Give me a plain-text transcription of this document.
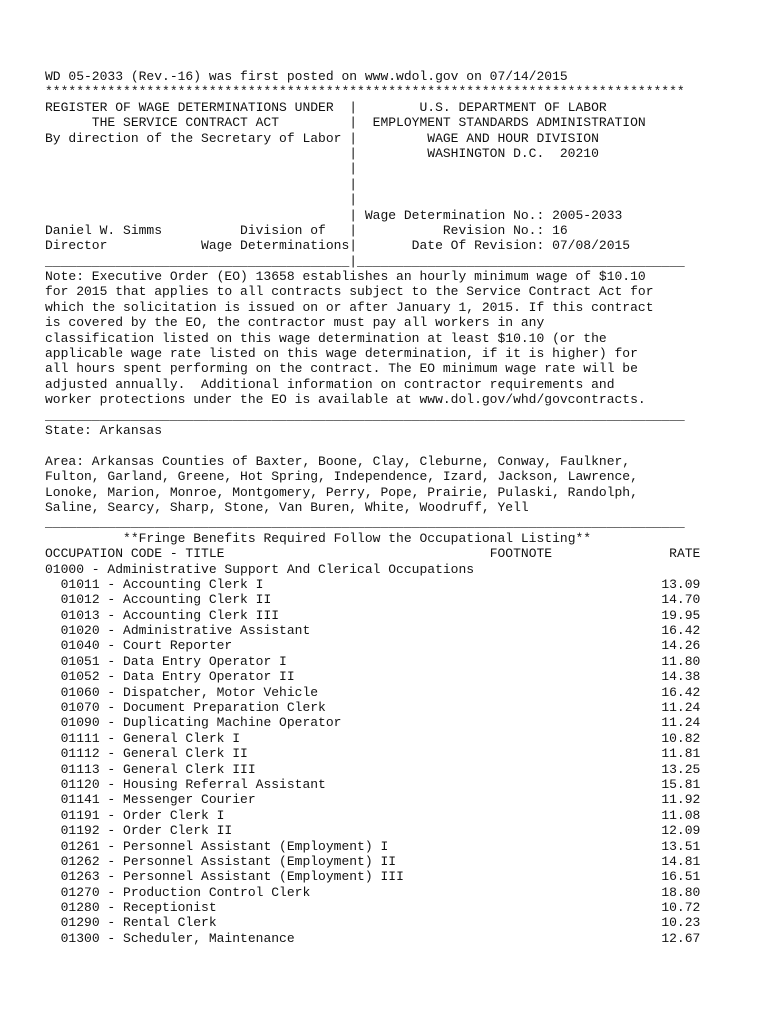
WD 05-2033 (Rev.-16) was first posted on www.wdol.gov on 07/14/2015
**********************************************************************************
REGISTER OF WAGE DETERMINATIONS UNDER  |        U.S. DEPARTMENT OF LABOR
THE SERVICE CONTRACT ACT         |  EMPLOYMENT STANDARDS ADMINISTRATION
By direction of the Secretary of Labor |         WAGE AND HOUR DIVISION
|         WASHINGTON D.C.  20210
|
|
|
| Wage Determination No.: 2005-2033
Daniel W. Simms          Division of   |           Revision No.: 16
Director            Wage Determinations|       Date Of Revision: 07/08/2015
_______________________________________|__________________________________________
Note: Executive Order (EO) 13658 establishes an hourly minimum wage of $10.10
for 2015 that applies to all contracts subject to the Service Contract Act for
which the solicitation is issued on or after January 1, 2015. If this contract
is covered by the EO, the contractor must pay all workers in any
classification listed on this wage determination at least $10.10 (or the
applicable wage rate listed on this wage determination, if it is higher) for
all hours spent performing on the contract. The EO minimum wage rate will be
adjusted annually.  Additional information on contractor requirements and
worker protections under the EO is available at www.dol.gov/whd/govcontracts.
__________________________________________________________________________________
State: Arkansas
Area: Arkansas Counties of Baxter, Boone, Clay, Cleburne, Conway, Faulkner,
Fulton, Garland, Greene, Hot Spring, Independence, Izard, Jackson, Lawrence,
Lonoke, Marion, Monroe, Montgomery, Perry, Pope, Prairie, Pulaski, Randolph,
Saline, Searcy, Sharp, Stone, Van Buren, White, Woodruff, Yell
__________________________________________________________________________________
**Fringe Benefits Required Follow the Occupational Listing**
OCCUPATION CODE - TITLE	FOOTNOTE	RATE
01000 - Administrative Support And Clerical Occupations
01011 - Accounting Clerk I	13.09
01012 - Accounting Clerk II	14.70
01013 - Accounting Clerk III	19.95
01020 - Administrative Assistant	16.42
01040 - Court Reporter	14.26
01051 - Data Entry Operator I	11.80
01052 - Data Entry Operator II	14.38
01060 - Dispatcher, Motor Vehicle	16.42
01070 - Document Preparation Clerk	11.24
01090 - Duplicating Machine Operator	11.24
01111 - General Clerk I	10.82
01112 - General Clerk II	11.81
01113 - General Clerk III	13.25
01120 - Housing Referral Assistant	15.81
01141 - Messenger Courier	11.92
01191 - Order Clerk I	11.08
01192 - Order Clerk II	12.09
01261 - Personnel Assistant (Employment) I	13.51
01262 - Personnel Assistant (Employment) II	14.81
01263 - Personnel Assistant (Employment) III	16.51
01270 - Production Control Clerk	18.80
01280 - Receptionist	10.72
01290 - Rental Clerk	10.23
01300 - Scheduler, Maintenance	12.67
